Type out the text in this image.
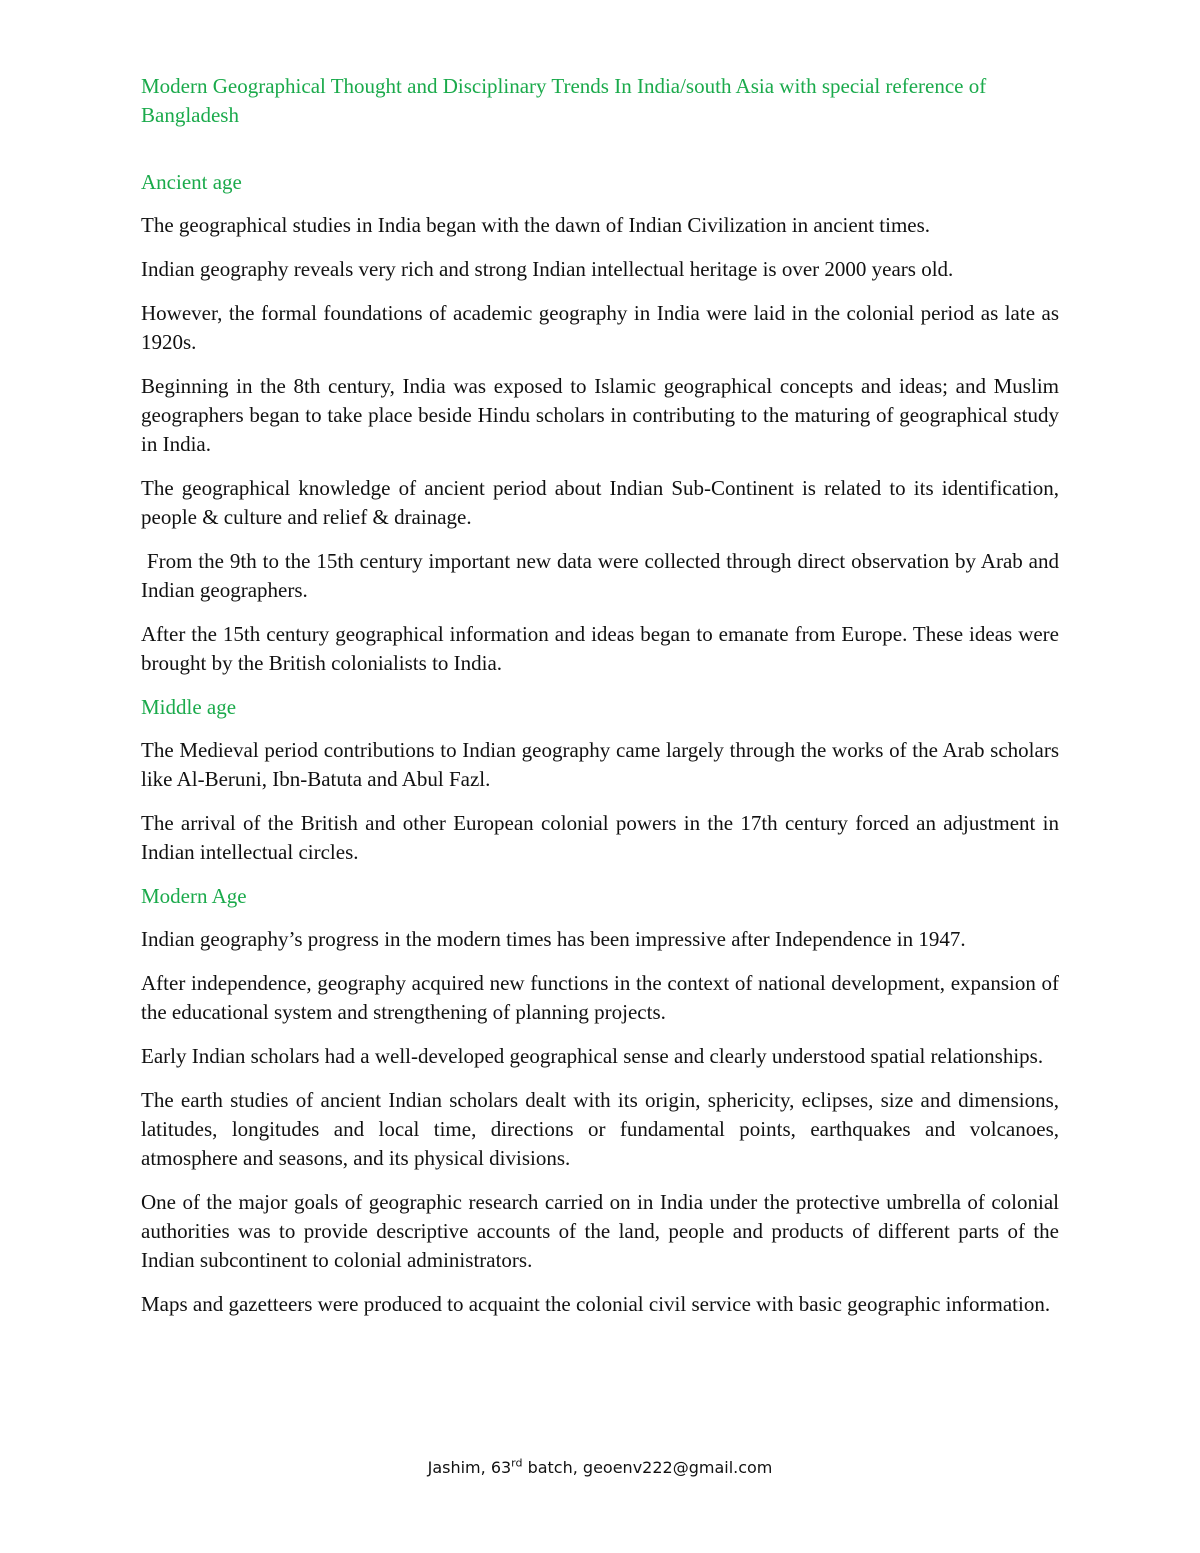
Modern Geographical Thought and Disciplinary Trends In India/south Asia with special reference of Bangladesh
Ancient age

The geographical studies in India began with the dawn of Indian Civilization in ancient times.

Indian geography reveals very rich and strong Indian intellectual heritage is over 2000 years old.

However, the formal foundations of academic geography in India were laid in the colonial period as late as 1920s.

Beginning in the 8th century, India was exposed to Islamic geographical concepts and ideas; and Muslim geographers began to take place beside Hindu scholars in contributing to the maturing of geographical study in India.

The geographical knowledge of ancient period about Indian Sub-Continent is related to its identification, people & culture and relief & drainage.

From the 9th to the 15th century important new data were collected through direct observation by Arab and Indian geographers.

After the 15th century geographical information and ideas began to emanate from Europe. These ideas were brought by the British colonialists to India.

Middle age

The Medieval period contributions to Indian geography came largely through the works of the Arab scholars like Al-Beruni, Ibn-Batuta and Abul Fazl.

The arrival of the British and other European colonial powers in the 17th century forced an adjustment in Indian intellectual circles.

Modern Age

Indian geography’s progress in the modern times has been impressive after Independence in 1947.

After independence, geography acquired new functions in the context of national development, expansion of the educational system and strengthening of planning projects.

Early Indian scholars had a well-developed geographical sense and clearly understood spatial relationships.

The earth studies of ancient Indian scholars dealt with its origin, sphericity, eclipses, size and dimensions, latitudes, longitudes and local time, directions or fundamental points, earthquakes and volcanoes, atmosphere and seasons, and its physical divisions.

One of the major goals of geographic research carried on in India under the protective umbrella of colonial authorities was to provide descriptive accounts of the land, people and products of different parts of the Indian subcontinent to colonial administrators.

Maps and gazetteers were produced to acquaint the colonial civil service with basic geographic information.

Jashim, 63rd batch, geoenv222@gmail.com
